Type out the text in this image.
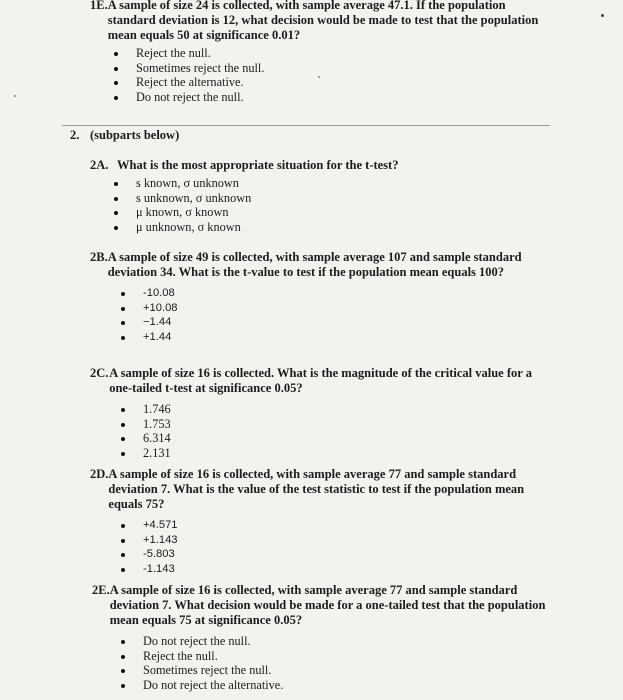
1E. A sample of size 24 is collected, with sample average 47.1. If the population standard deviation is 12, what decision would be made to test that the population mean equals 50 at significance 0.01?
Reject the null.
Sometimes reject the null.
Reject the alternative.
Do not reject the null.
2. (subparts below)
2A. What is the most appropriate situation for the t-test?
s known, σ unknown
s unknown, σ unknown
μ known, σ known
μ unknown, σ known
2B. A sample of size 49 is collected, with sample average 107 and sample standard deviation 34. What is the t-value to test if the population mean equals 100?
-10.08
+10.08
−1.44
+1.44
2C. A sample of size 16 is collected. What is the magnitude of the critical value for a one-tailed t-test at significance 0.05?
1.746
1.753
6.314
2.131
2D. A sample of size 16 is collected, with sample average 77 and sample standard deviation 7. What is the value of the test statistic to test if the population mean equals 75?
+4.571
+1.143
-5.803
-1.143
2E. A sample of size 16 is collected, with sample average 77 and sample standard deviation 7. What decision would be made for a one-tailed test that the population mean equals 75 at significance 0.05?
Do not reject the null.
Reject the null.
Sometimes reject the null.
Do not reject the alternative.
